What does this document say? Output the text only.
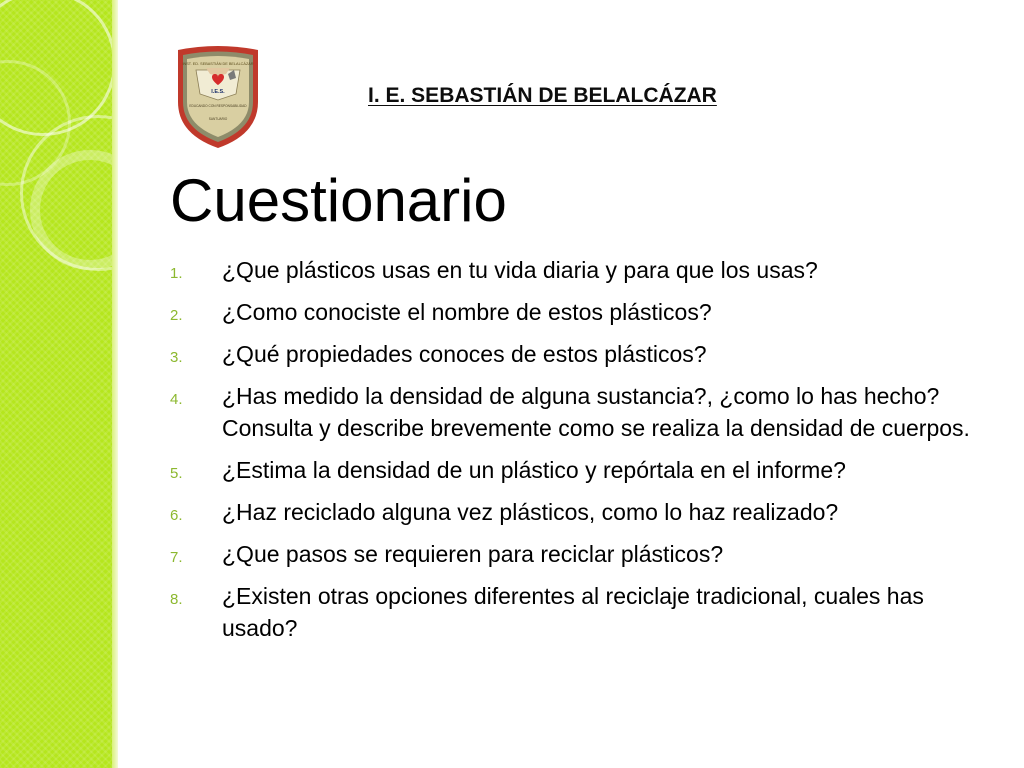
INST. ED. SEBASTIÁN DE BELALCÁZAR
I.E.S.
EDUCANDO CON RESPONSABILIDAD
SANTUARIO
I. E. SEBASTIÁN DE BELALCÁZAR
Cuestionario
1.	¿Que plásticos usas en tu vida diaria y para que los usas?
2.	¿Como conociste el nombre de estos plásticos?
3.	¿Qué propiedades conoces de estos plásticos?
4.	¿Has medido la densidad de alguna sustancia?, ¿como lo has hecho? Consulta y describe brevemente como se realiza la densidad de cuerpos.
5.	¿Estima la densidad de un plástico y repórtala en el informe?
6.	¿Haz reciclado alguna vez plásticos, como lo haz realizado?
7.	¿Que pasos se requieren para reciclar plásticos?
8.	¿Existen otras opciones diferentes al reciclaje tradicional, cuales has usado?
